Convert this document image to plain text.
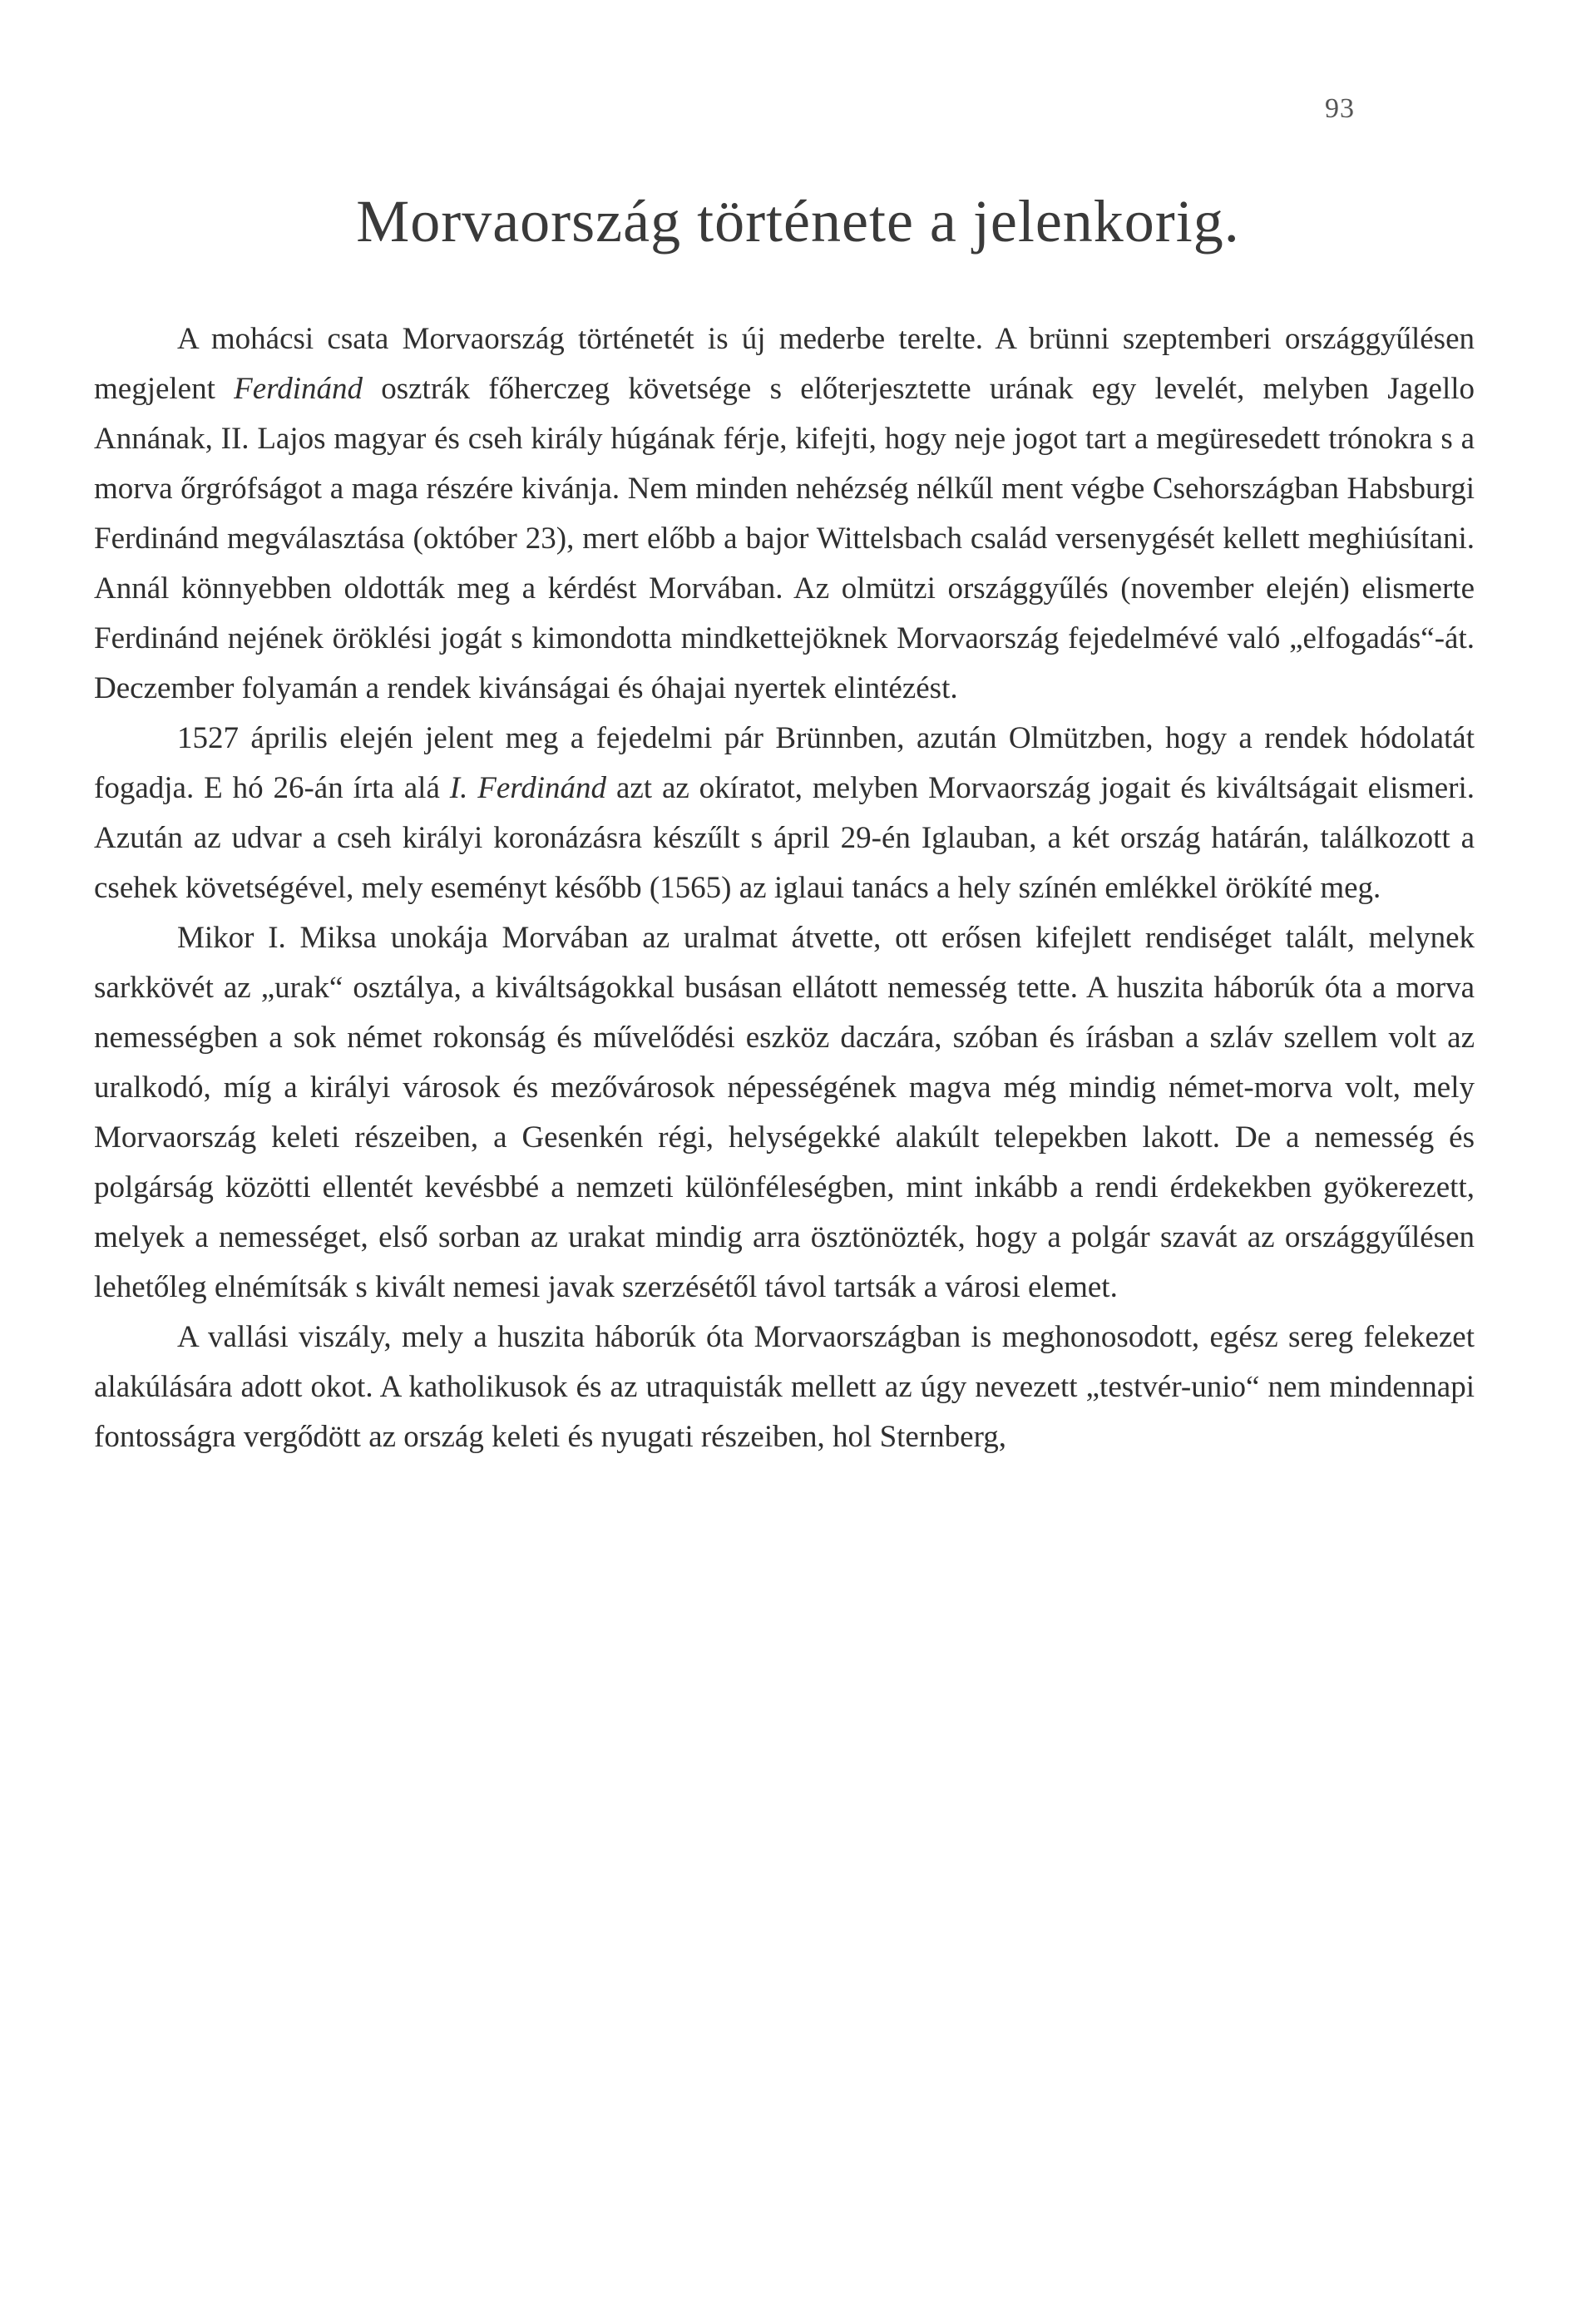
93
Morvaország története a jelenkorig.

A mohácsi csata Morvaország történetét is új mederbe terelte. A brünni szeptemberi országgyűlésen megjelent Ferdinánd osztrák főherczeg követsége s előterjesztette urának egy levelét, melyben Jagello Annának, II. Lajos magyar és cseh király húgának férje, kifejti, hogy neje jogot tart a megüresedett trónokra s a morva őrgrófságot a maga részére kivánja. Nem minden nehézség nélkűl ment végbe Csehországban Habsburgi Ferdinánd megválasztása (október 23), mert előbb a bajor Wittelsbach család versenygését kellett meghiúsítani. Annál könnyebben oldották meg a kérdést Morvában. Az olmützi országgyűlés (november elején) elismerte Ferdinánd nejének öröklési jogát s kimondotta mindkettejöknek Morvaország fejedelmévé való „elfogadás“-át. Deczember folyamán a rendek kivánságai és óhajai nyertek elintézést.

1527 április elején jelent meg a fejedelmi pár Brünnben, azután Olmützben, hogy a rendek hódolatát fogadja. E hó 26-án írta alá I. Ferdinánd azt az okíratot, melyben Morvaország jogait és kiváltságait elismeri. Azután az udvar a cseh királyi koronázásra készűlt s ápril 29-én Iglauban, a két ország határán, találkozott a csehek követségével, mely eseményt később (1565) az iglaui tanács a hely színén emlékkel örökíté meg.

Mikor I. Miksa unokája Morvában az uralmat átvette, ott erősen kifejlett rendiséget talált, melynek sarkkövét az „urak“ osztálya, a kiváltságokkal busásan ellátott nemesség tette. A huszita háborúk óta a morva nemességben a sok német rokonság és művelődési eszköz daczára, szóban és írásban a szláv szellem volt az uralkodó, míg a királyi városok és mezővárosok népességének magva még mindig német-morva volt, mely Morvaország keleti részeiben, a Gesenkén régi, helységekké alakúlt telepekben lakott. De a nemesség és polgárság közötti ellentét kevésbbé a nemzeti különféleségben, mint inkább a rendi érdekekben gyökerezett, melyek a nemességet, első sorban az urakat mindig arra ösztönözték, hogy a polgár szavát az országgyűlésen lehetőleg elnémítsák s kivált nemesi javak szerzésétől távol tartsák a városi elemet.

A vallási viszály, mely a huszita háborúk óta Morvaországban is meghonosodott, egész sereg felekezet alakúlására adott okot. A katholikusok és az utraquisták mellett az úgy nevezett „testvér-unio“ nem mindennapi fontosságra vergődött az ország keleti és nyugati részeiben, hol Sternberg,
